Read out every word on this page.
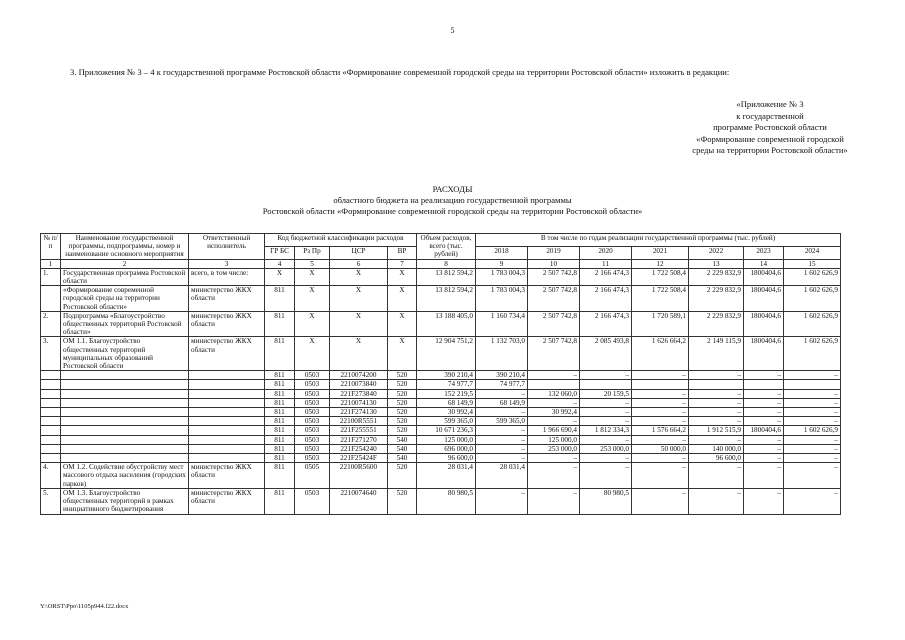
5
3. Приложения № 3 – 4 к государственной программе Ростовской области «Формирование современной городской среды на территории Ростовской области» изложить в редакции:
«Приложение № 3
к государственной
программе Ростовской области
«Формирование современной городской
среды на территории Ростовской области»
РАСХОДЫ
областного бюджета на реализацию государственной программы
Ростовской области «Формирование современной городской среды на территории Ростовской области»
№ п/п	Наименование государственной программы, подпрограммы, номер и наименование основного мероприятия	Ответственный исполнитель	Код бюджетной классификации расходов				Объем расходов, всего (тыс. рублей)	В том числе по годам реализации государственной программы (тыс. рублей)						
			ГР БС	Рз Пр	ЦСР	ВР		2018	2019	2020	2021	2022	2023	2024
1	2	3	4	5	6	7	8	9	10	11	12	13	14	15
1.	Государственная программа Ростовской области	всего, в том числе:	Х	Х	Х	Х	13 812 594,2	1 783 004,3	2 507 742,8	2 166 474,3	1 722 508,4	2 229 832,9	1800404,6	1 602 626,9
	«Формирование современной городской среды на территории Ростовской области»	министерство ЖКХ области	811	Х	Х	Х	13 812 594,2	1 783 004,3	2 507 742,8	2 166 474,3	1 722 508,4	2 229 832,9	1800404,6	1 602 626,9
2.	Подпрограмма «Благоустройство общественных территорий Ростовской области»	министерство ЖКХ области	811	Х	Х	Х	13 188 405,0	1 160 734,4	2 507 742,8	2 166 474,3	1 720 589,1	2 229 832,9	1800404,6	1 602 626,9
3.	ОМ 1.1. Благоустройство общественных территорий муниципальных образований Ростовской области	министерство ЖКХ области	811	Х	Х	Х	12 904 751,2	1 132 703,0	2 507 742,8	2 085 493,8	1 626 664,2	2 149 115,9	1800404,6	1 602 626,9
			811	0503	2210074200	520	390 210,4	390 210,4	–	–	–	–	–	–
			811	0503	2210073840	520	74 977,7	74 977,7						
			811	0503	221F273840	520	152 219,5	–	132 060,0	20 159,5	–	–	–	–
			811	0503	2210074130	520	68 149,9	68 149,9	–	–	–	–	–	–
			811	0503	221F274130	520	30 992,4	–	30 992,4	–	–	–	–	–
			811	0503	22100R5551	520	599 365,0	599 365,0	–	–	–	–	–	–
			811	0503	221F255551	520	10 671 236,3	–	1 966 690,4	1 812 334,3	1 576 664,2	1 912 515,9	1800404,6	1 602 626,9
			811	0503	221F271270	540	125 000,0	–	125 000,0	–	–	–	–	–
			811	0503	221F254240	540	696 000,0	–	253 000,0	253 000,0	50 000,0	140 000,0	–	–
			811	0503	221F25424F	540	96 600,0	–	–	–	–	96 600,0	–	–
4.	ОМ 1.2. Содействие обустройству мест массового отдыха населения (городских парков)	министерство ЖКХ области	811	0505	22100R5600	520	28 031,4	28 031,4	–	–	–	–	–	–
5.	ОМ 1.3. Благоустройство общественных территорий в рамках инициативного бюджетирования	министерство ЖКХ области	811	0503	2210074640	520	80 980,5	–	–	80 980,5	–	–	–	–
Y:\ORST\Ppo\1105p944.f22.docx
